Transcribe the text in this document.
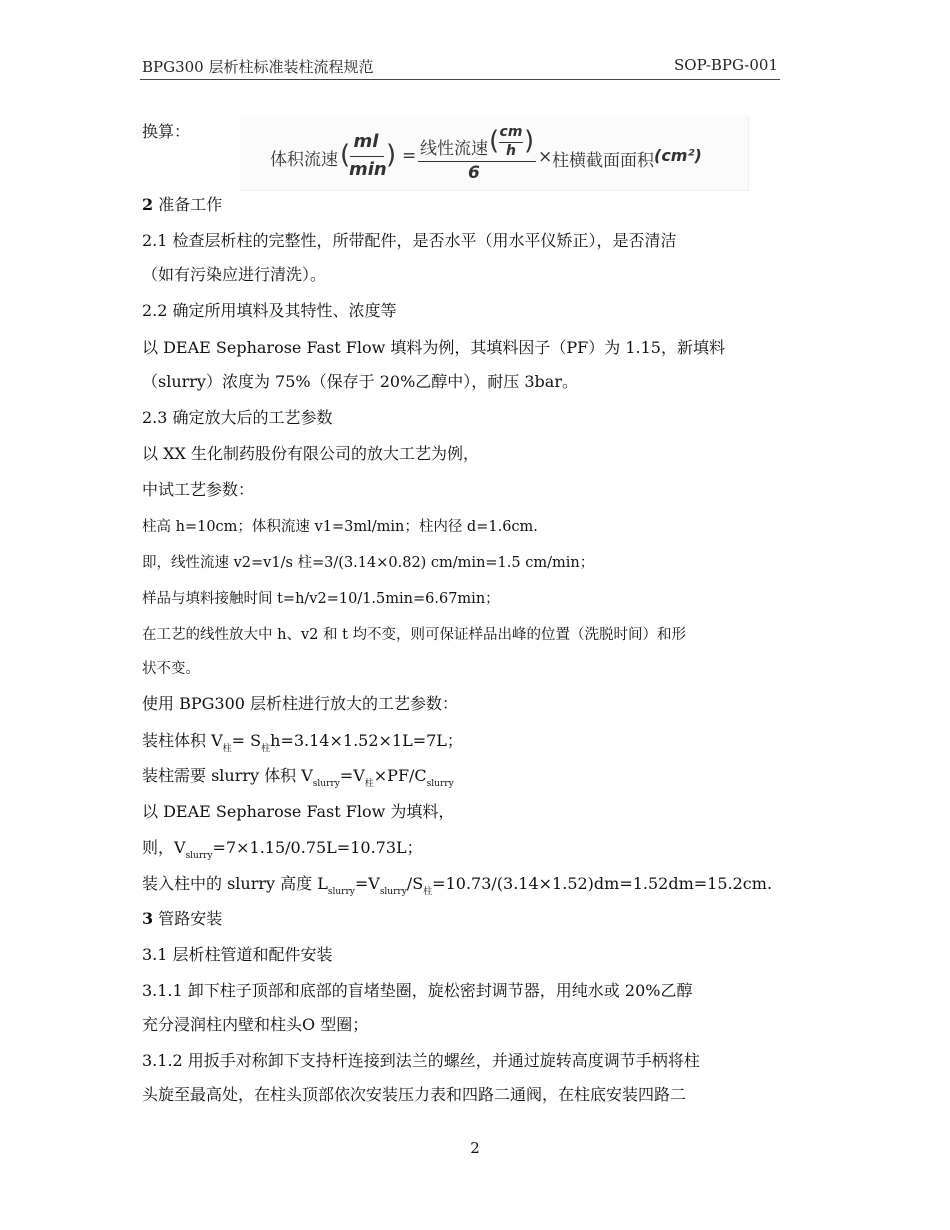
BPG300 层析柱标准装柱流程规范	SOP-BPG-001
换算：
体积流速 ( ml
min ) = 线性流速 ( cm
h )
6
× 柱横截面面积 (cm²)
2 准备工作
2.1 检查层析柱的完整性，所带配件，是否水平（用水平仪矫正），是否清洁
（如有污染应进行清洗）。
2.2 确定所用填料及其特性、浓度等
以 DEAE Sepharose Fast Flow 填料为例，其填料因子（PF）为 1.15，新填料
（slurry）浓度为 75%（保存于 20%乙醇中），耐压 3bar。
2.3 确定放大后的工艺参数
以 XX 生化制药股份有限公司的放大工艺为例，
中试工艺参数：
柱高 h=10cm；体积流速 v1=3ml/min；柱内径 d=1.6cm.
即，线性流速 v2=v1/s 柱=3/(3.14×0.82) cm/min=1.5 cm/min；
样品与填料接触时间 t=h/v2=10/1.5min=6.67min；
在工艺的线性放大中 h、v2 和 t 均不变，则可保证样品出峰的位置（洗脱时间）和形
状不变。
使用 BPG300 层析柱进行放大的工艺参数：
装柱体积 $V_柱= S_柱h=3.14\times 1.52\times 1L=7L$；
装柱需要 slurry 体积 $V_{slurry}=V_柱\times PF/C_{slurry}$
以 DEAE Sepharose Fast Flow 为填料，
则，$V_{slurry}=7\times 1.15/0.75L=10.73L$；
装入柱中的 slurry 高度 $L_{slurry}=V_{slurry}/S_柱=10.73/(3.14\times 1.52)dm=1.52dm=15.2cm$.
3 管路安装
3.1 层析柱管道和配件安装
3.1.1 卸下柱子顶部和底部的盲堵垫圈，旋松密封调节器，用纯水或 20%乙醇
充分浸润柱内壁和柱头O 型圈；
3.1.2 用扳手对称卸下支持杆连接到法兰的螺丝，并通过旋转高度调节手柄将柱
头旋至最高处，在柱头顶部依次安装压力表和四路二通阀，在柱底安装四路二
2
